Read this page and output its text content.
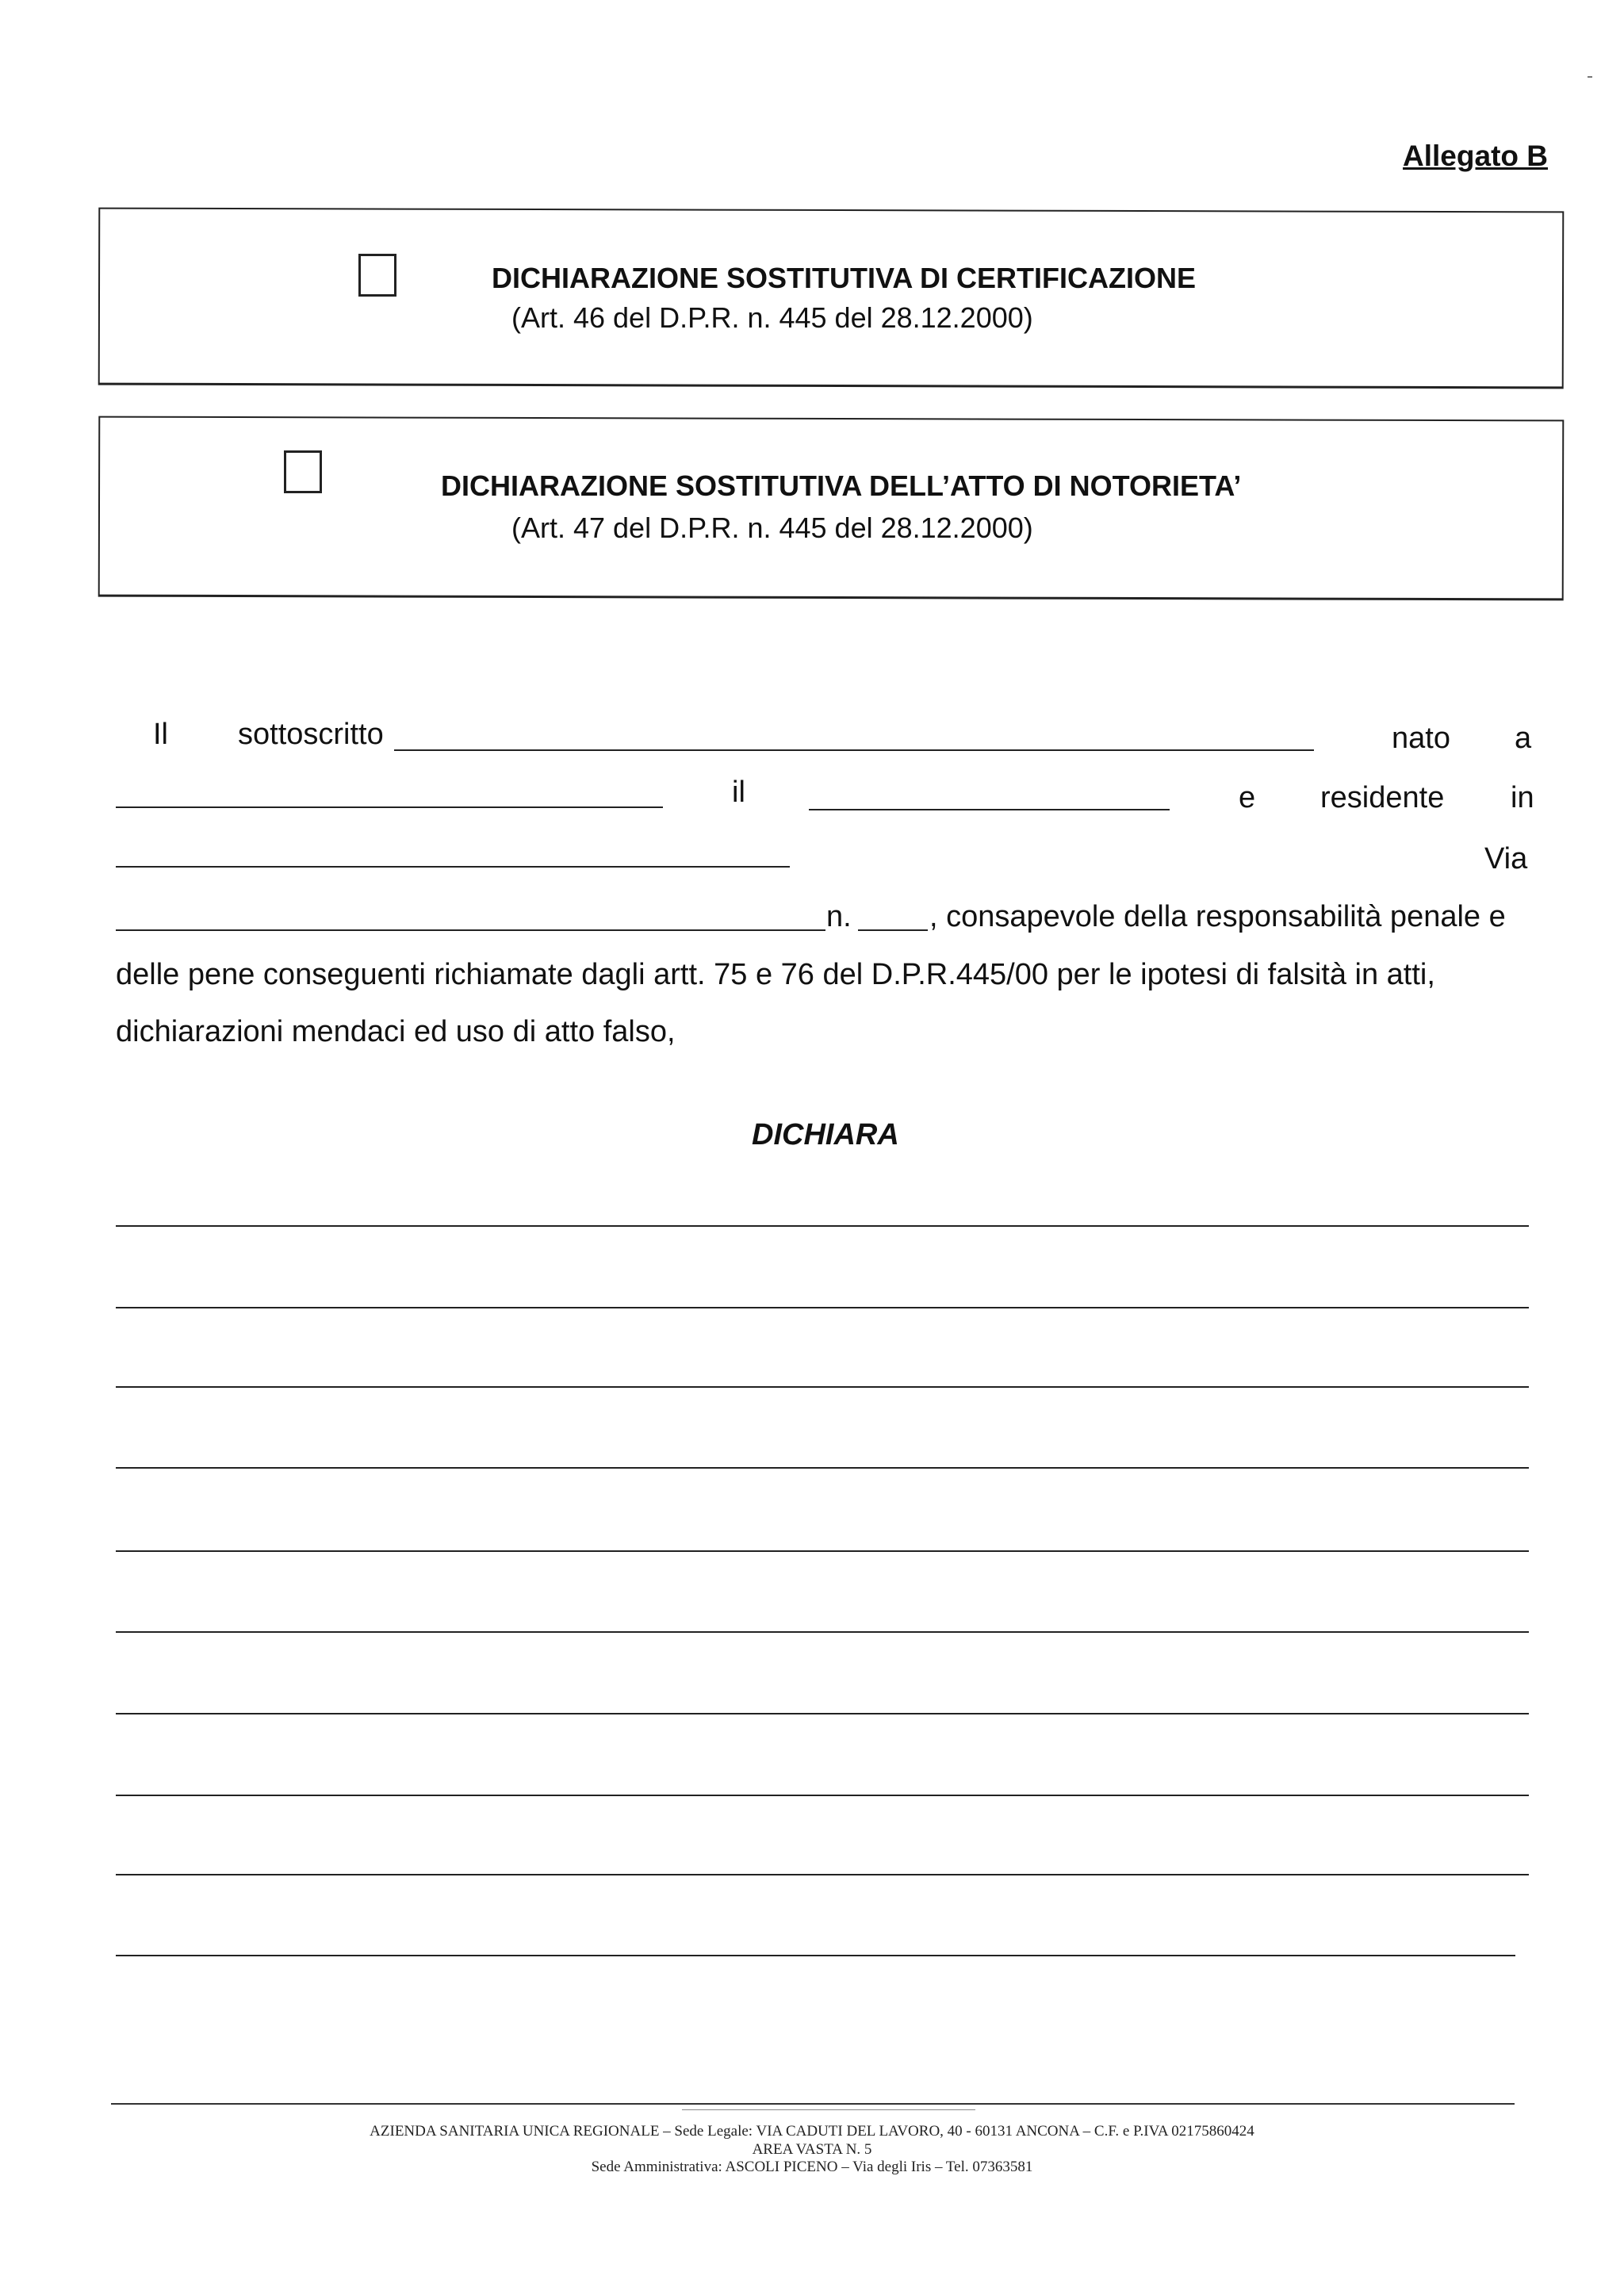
Allegato B
DICHIARAZIONE SOSTITUTIVA DI CERTIFICAZIONE
(Art. 46 del D.P.R. n. 445 del 28.12.2000)
DICHIARAZIONE SOSTITUTIVA DELL’ATTO DI NOTORIETA’
(Art. 47 del D.P.R. n. 445 del 28.12.2000)
Il sottoscritto	nato a
il	e residente in
Via
n.	, consapevole della responsabilità penale e
delle pene conseguenti richiamate dagli artt. 75 e 76 del D.P.R.445/00 per le ipotesi di falsità in atti,
dichiarazioni mendaci ed uso di atto falso,
DICHIARA
AZIENDA SANITARIA UNICA REGIONALE – Sede Legale: VIA CADUTI DEL LAVORO, 40 - 60131 ANCONA – C.F. e P.IVA 02175860424
AREA VASTA N. 5
Sede Amministrativa: ASCOLI PICENO – Via degli Iris – Tel. 07363581
